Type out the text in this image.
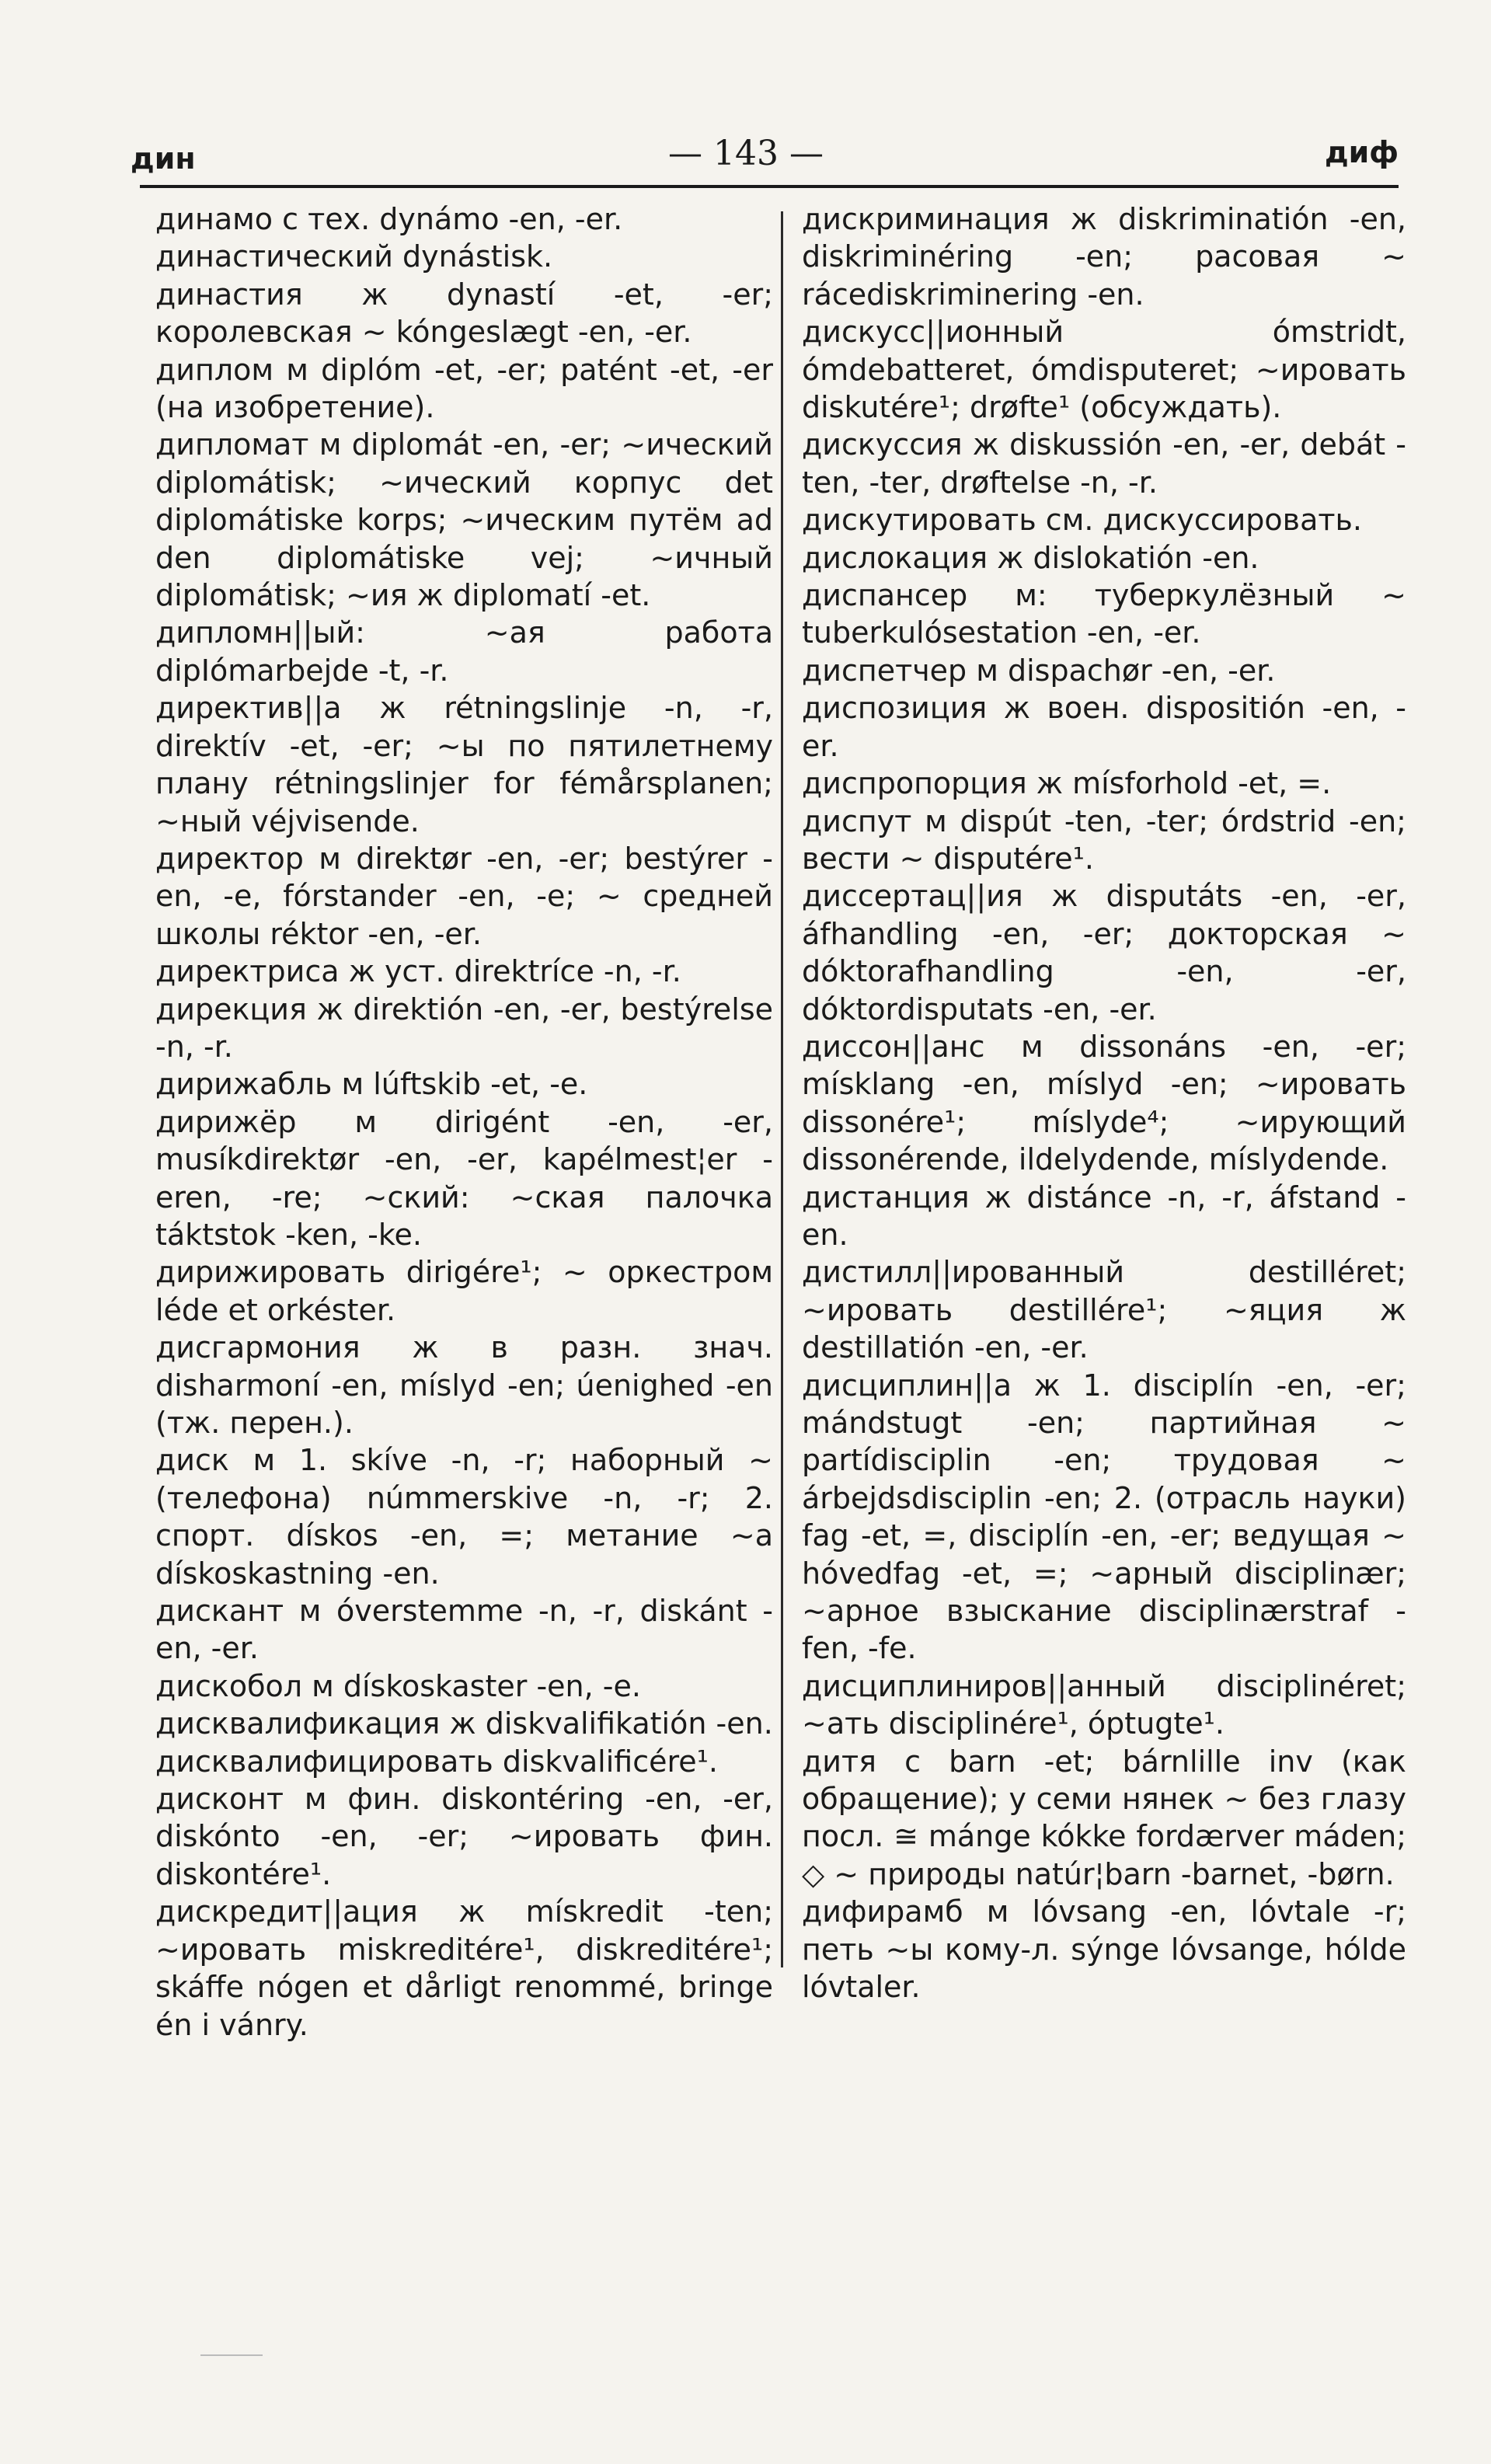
дин	— 143 —	диф

динамо с тех. dynámo -en, -er.

династический dynástisk.

династия ж dynastí -et, -er; королевская ~ kóngeslægt -en, -er.

диплом м diplóm -et, -er; patént -et, -er (на изобретение).

дипломат м diplomát -en, -er; ~ический diplomátisk; ~ический корпус det diplomátiske korps; ~ическим путём ad den diplomátiske vej; ~ичный diplomátisk; ~ия ж diplomatí -et.

дипломн||ый: ~ая работа dipIómarbejde -t, -r.

директив||а ж rétningslinje -n, -r, direktív -et, -er; ~ы по пятилетнему плану rétningslinjer for fémårsplanen; ~ный véjvisende.

директор м direktør -en, -er; bestýrer -en, -e, fórstander -en, -e; ~ средней школы réktor -en, -er.

директриса ж уст. direktríce -n, -r.

дирекция ж direktión -en, -er, bestýrelse -n, -r.

дирижабль м lúftskib -et, -e.

дирижёр м dirigént -en, -er, musíkdirektør -en, -er, kapélmest¦er -eren, -re; ~ский: ~ская палочка táktstok -ken, -ke.

дирижировать dirigére¹; ~ оркестром léde et orkéster.

дисгармония ж в разн. знач. disharmoní -en, míslyd -en; úenighed -en (тж. перен.).

диск м 1. skíve -n, -r; наборный ~ (телефона) númmerskive -n, -r; 2. спорт. dískos -en, =; метание ~а dískoskastning -en.

дискант м óverstemme -n, -r, diskánt -en, -er.

дискобол м dískoskaster -en, -e.

дисквалификация ж diskvalifikatión -en.

дисквалифицировать diskvalificére¹.

дисконт м фин. diskontéring -en, -er, diskónto -en, -er; ~ировать фин. diskontére¹.

дискредит||ация ж mískredit -ten; ~ировать miskreditére¹, diskreditére¹; skáffe nógen et dårligt renommé, bringe én i vánry.

дискриминация ж diskriminatión -en, diskriminéring -en; расовая ~ rácediskriminering -en.

дискусс||ионный ómstridt, ómdebatteret, ómdisputeret; ~ировать diskutére¹; drøfte¹ (обсуждать).

дискуссия ж diskussión -en, -er, debát -ten, -ter, drøftelse -n, -r.

дискутировать см. дискуссировать.

дислокация ж dislokatión -en.

диспансер м: туберкулёзный ~ tuberkulósestation -en, -er.

диспетчер м dispachør -en, -er.

диспозиция ж воен. dispositión -en, -er.

диспропорция ж mísforhold -et, =.

диспут м dispút -ten, -ter; órdstrid -en; вести ~ disputére¹.

диссертац||ия ж disputáts -en, -er, áfhandling -en, -er; докторская ~ dóktorafhandling -en, -er, dóktordisputats -en, -er.

диссон||анс м dissonáns -en, -er; mísklang -en, míslyd -en; ~ировать dissonére¹; míslyde⁴; ~ирующий dissonérende, ildelydende, míslydende.

дистанция ж distánce -n, -r, áfstand -en.

дистилл||ированный destilléret; ~ировать destillére¹; ~яция ж destillatión -en, -er.

дисциплин||а ж 1. disciplín -en, -er; mándstugt -en; партийная ~ partídisciplin -en; трудовая ~ árbejdsdisciplin -en; 2. (отрасль науки) fag -et, =, disciplín -en, -er; ведущая ~ hóvedfag -et, =; ~арный disciplinær; ~арное взыскание disciplinærstraf -fen, -fe.

дисциплиниров||анный disciplinéret; ~ать disciplinére¹, óptugte¹.

дитя с barn -et; bárnlille inv (как обращение); у семи нянек ~ без глазу посл. ≅ mánge kókke fordærver máden; ◇ ~ природы natúr¦barn -barnet, -børn.

дифирамб м lóvsang -en, lóvtale -r; петь ~ы кому-л. sýnge lóvsange, hólde lóvtaler.
